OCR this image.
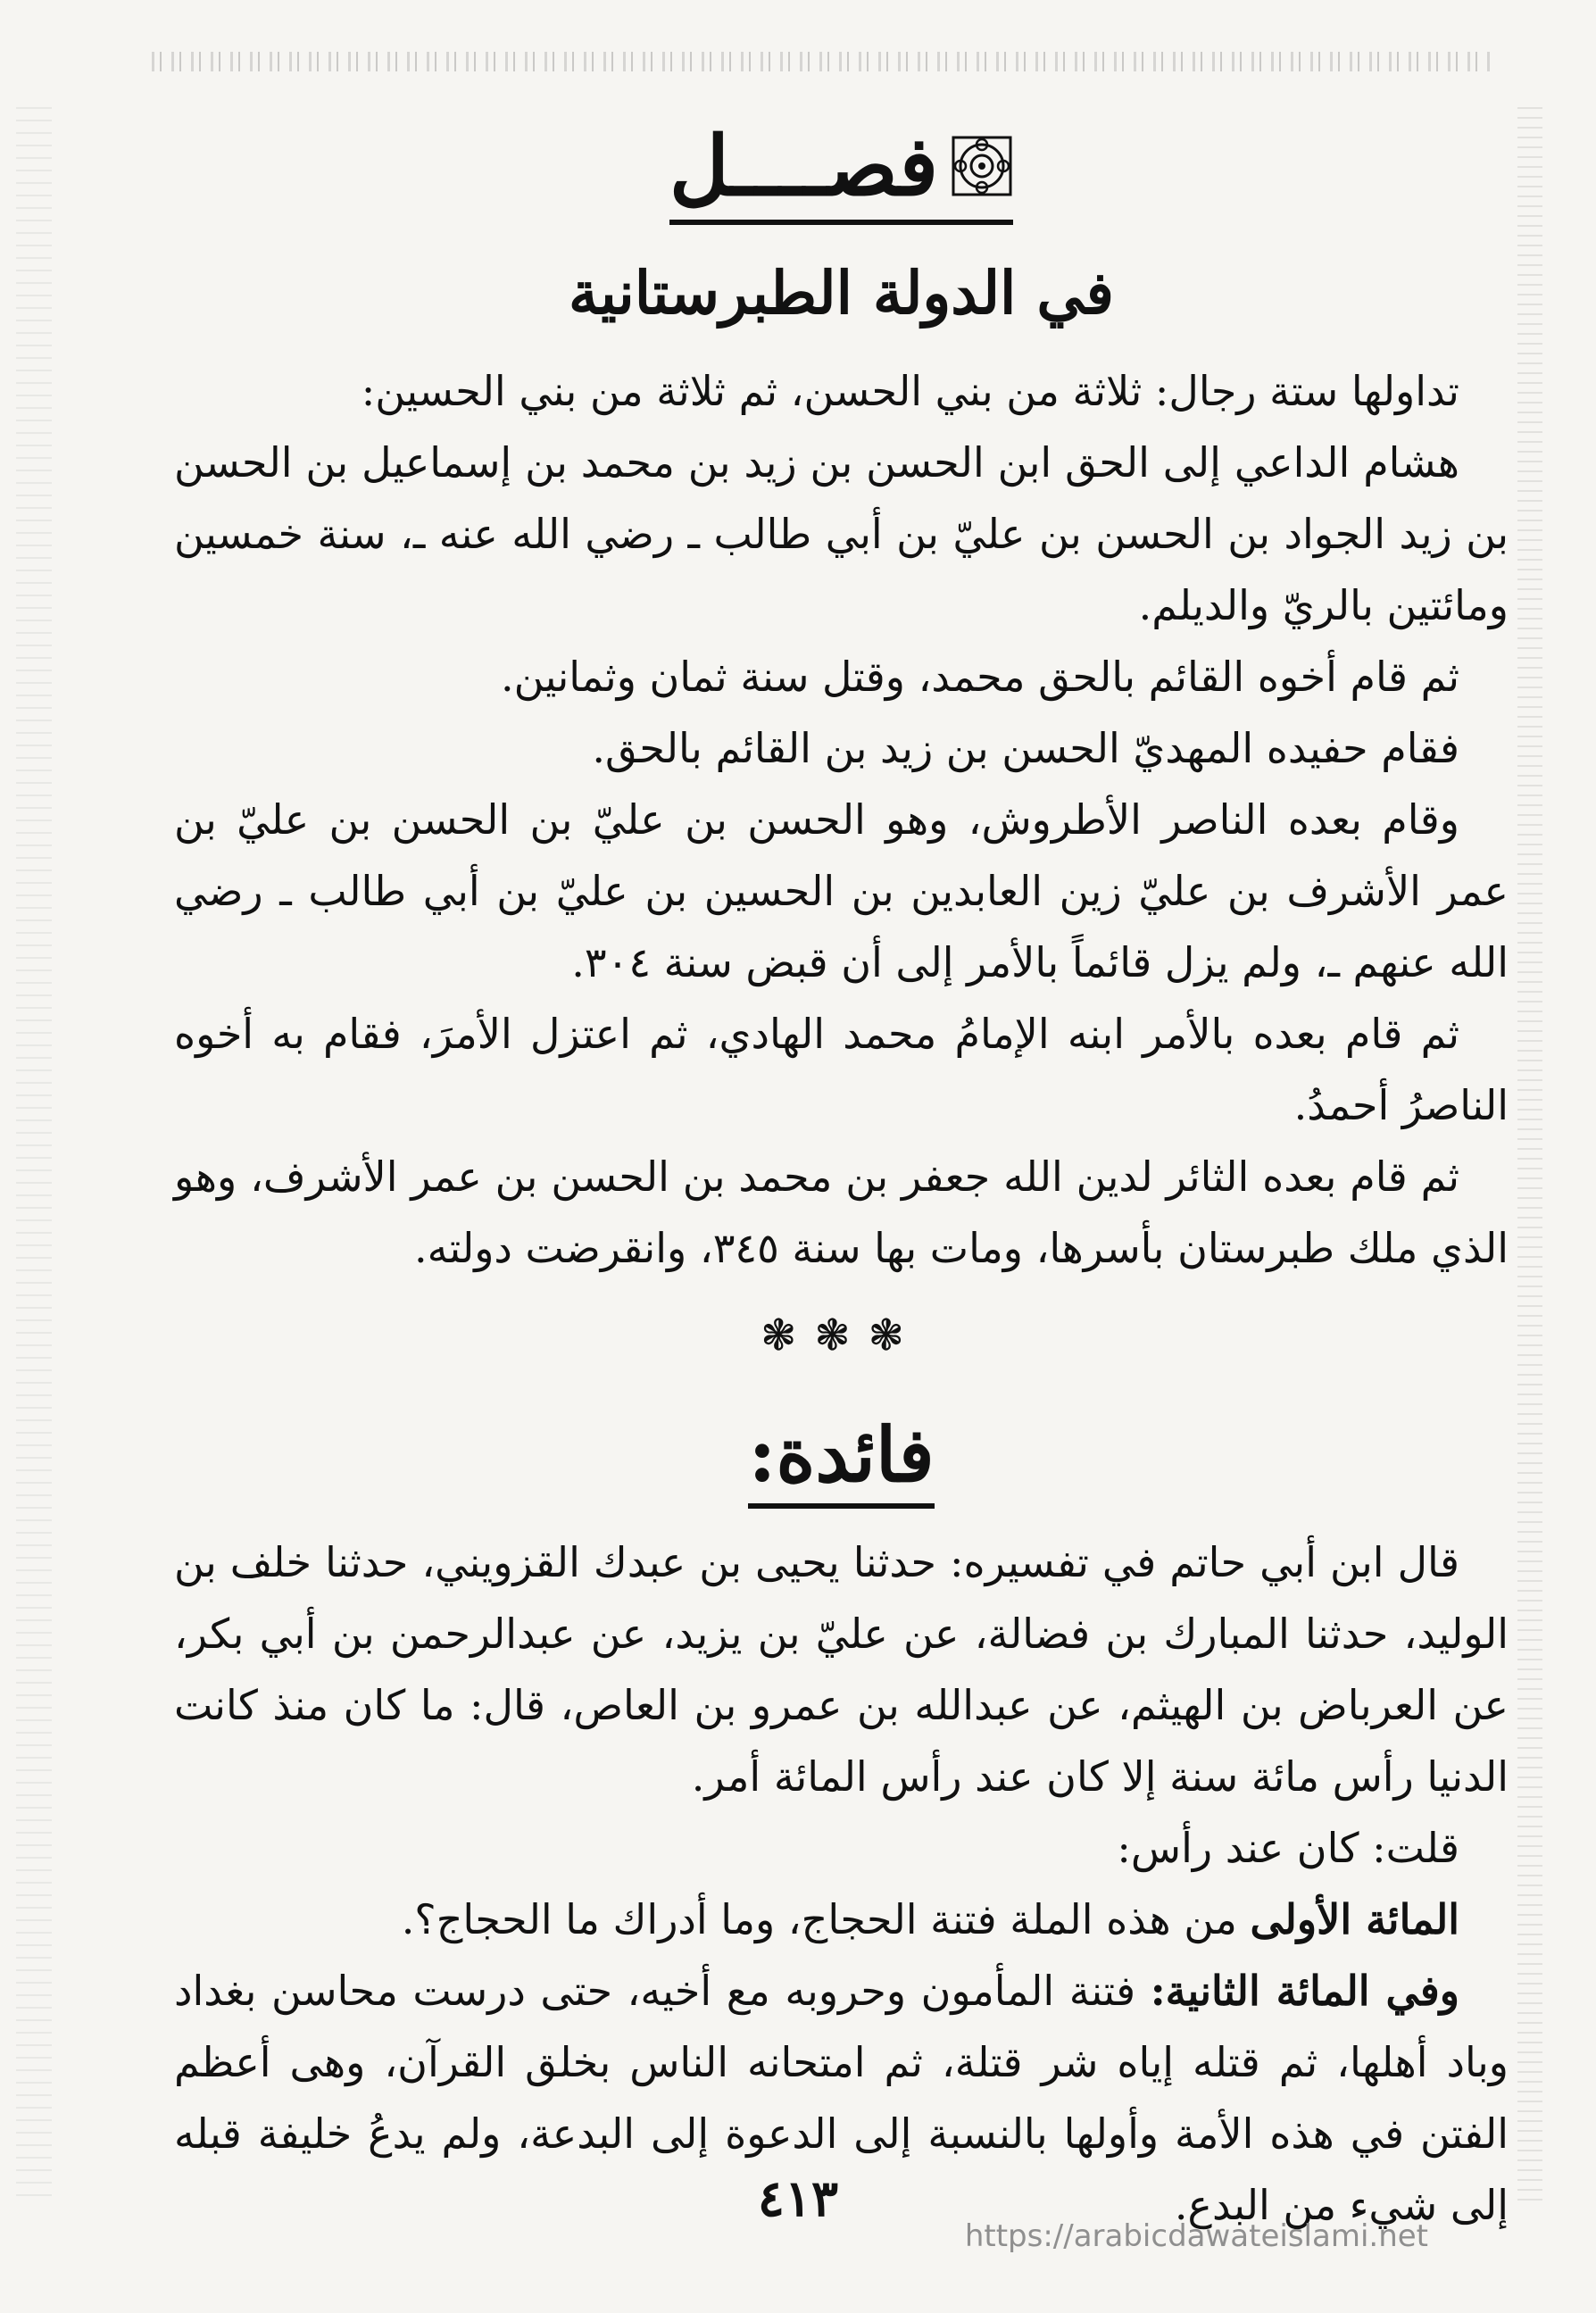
فصــــل
في الدولة الطبرستانية

تداولها ستة رجال: ثلاثة من بني الحسن، ثم ثلاثة من بني الحسين:

هشام الداعي إلى الحق ابن الحسن بن زيد بن محمد بن إسماعيل بن الحسن بن زيد الجواد بن الحسن بن عليّ بن أبي طالب ـ رضي الله عنه ـ، سنة خمسين ومائتين بالريّ والديلم.

ثم قام أخوه القائم بالحق محمد، وقتل سنة ثمان وثمانين.

فقام حفيده المهديّ الحسن بن زيد بن القائم بالحق.

وقام بعده الناصر الأطروش، وهو الحسن بن عليّ بن الحسن بن عليّ بن عمر الأشرف بن عليّ زين العابدين بن الحسين بن عليّ بن أبي طالب ـ رضي الله عنهم ـ، ولم يزل قائماً بالأمر إلى أن قبض سنة ٣٠٤.

ثم قام بعده بالأمر ابنه الإمامُ محمد الهادي، ثم اعتزل الأمرَ، فقام به أخوه الناصرُ أحمدُ.

ثم قام بعده الثائر لدين الله جعفر بن محمد بن الحسن بن عمر الأشرف، وهو الذي ملك طبرستان بأسرها، ومات بها سنة ٣٤٥، وانقرضت دولته.

❃❃❃
فائدة:

قال ابن أبي حاتم في تفسيره: حدثنا يحيى بن عبدك القزويني، حدثنا خلف بن الوليد، حدثنا المبارك بن فضالة، عن عليّ بن يزيد، عن عبدالرحمن بن أبي بكر، عن العرباض بن الهيثم، عن عبدالله بن عمرو بن العاص، قال: ما كان منذ كانت الدنيا رأس مائة سنة إلا كان عند رأس المائة أمر.

قلت: كان عند رأس:

المائة الأولى من هذه الملة فتنة الحجاج، وما أدراك ما الحجاج؟.

وفي المائة الثانية: فتنة المأمون وحروبه مع أخيه، حتى درست محاسن بغداد وباد أهلها، ثم قتله إياه شر قتلة، ثم امتحانه الناس بخلق القرآن، وهى أعظم الفتن في هذه الأمة وأولها بالنسبة إلى الدعوة إلى البدعة، ولم يدعُ خليفة قبله إلى شيء من البدع.

٤١٣
https://arabicdawateislami.net
